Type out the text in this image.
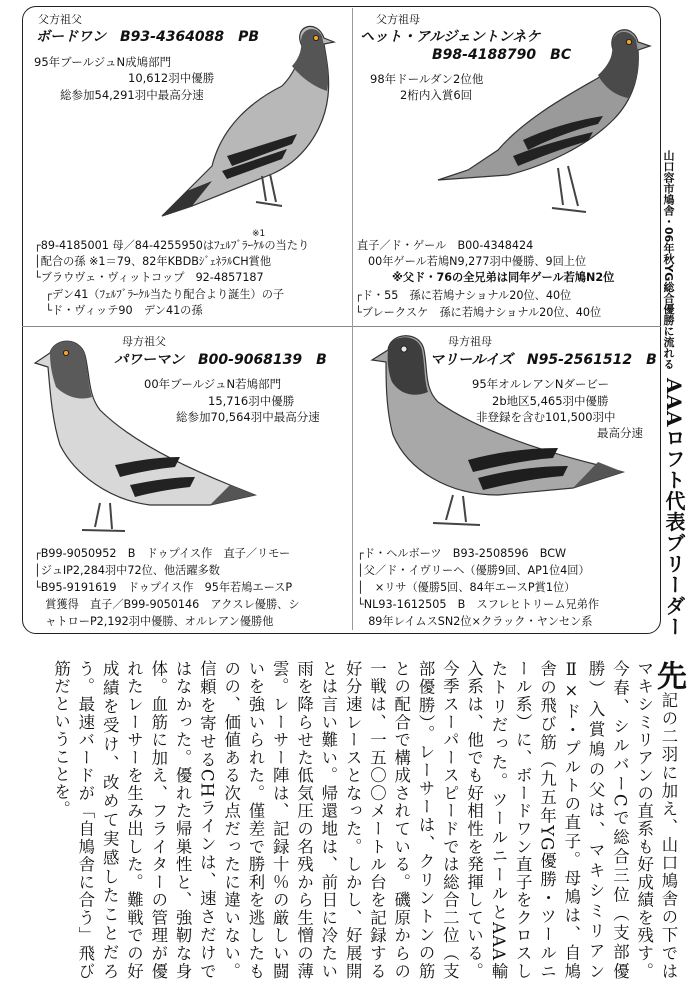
父方祖父
ボードワン　B93-4364088　PB
95年ブールジュN成鳩部門
10,612羽中優勝
総参加54,291羽中最高分速
※1
┌89-4185001 母／84-4255950はﾌｪﾙﾌﾞﾗｰｹﾙの当たり
│配合の孫 ※1＝79、82年KBDBｼﾞｪﾈﾗﾙCH賞他
└ブラウヴェ・ヴィットコップ　92-4857187
　┌デン41（ﾌｪﾙﾌﾞﾗｰｹﾙ当たり配合より誕生）の子
　└ド・ヴィッテ90　デン41の孫
父方祖母
ヘット・アルジェントンネケ
B98-4188790　BC
98年ドールダン2位他
2桁内入賞6回
直子／ド・ゲール　B00-4348424
00年ゲール若鳩N9,277羽中優勝、9回上位
※父ド・76の全兄弟は同年ゲール若鳩N2位
┌ド・55　孫に若鳩ナショナル20位、40位
└ブレークスケ　孫に若鳩ナショナル20位、40位
母方祖父
パワーマン　B00-9068139　B
00年ブールジュN若鳩部門
15,716羽中優勝
総参加70,564羽中最高分速
┌B99-9050952　B　ドゥプイス作　直子／リモー
│ジュIP2,284羽中72位、他活躍多数
└B95-9191619　ドゥプイス作　95年若鳩エースP
　賞獲得　直子／B99-9050146　アクスレ優勝、シ
　ャトローP2,192羽中優勝、オルレアン優勝他
母方祖母
マリールイズ　N95-2561512　B
95年オルレアンNダービー
2b地区5,465羽中優勝
非登録を含む101,500羽中
最高分速
┌ド・ヘルボーツ　B93-2508596　BCW
│父／ド・イヴリーヘ（優勝9回、AP1位4回）
│　×リサ（優勝5回、84年エースP賞1位）
└NL93-1612505　B　スフレヒトリーム兄弟作
　89年レイムスSN2位×クラック・ヤンセン系
山口容市鳩舎・06年秋YG総合優勝に流れる
AAAロフト代表ブリーダー
先記の二羽に加え、山口鳩舎の下ではマキシミリアンの直系も好成績を残す。今春、シルバーCで総合三位（支部優勝）入賞鳩の父は、マキシミリアンⅡ×ド・プルトの直子。母鳩は、自鳩舎の飛び筋（九五年YG優勝・ツールニール系）に、ボードワン直子をクロスしたトリだった。ツールニールとAAA輸入系は、他でも好相性を発揮している。今季スーパースピードでは総合二位（支部優勝）。レーサーは、クリントンの筋との配合で構成されている。磯原からの一戦は、一五〇〇メートル台を記録する好分速レースとなった。しかし、好展開とは言い難い。帰還地は、前日に冷たい雨を降らせた低気圧の名残から生憎の薄雲。レーサー陣は、記録十％の厳しい闘いを強いられた。僅差で勝利を逃したものの、価値ある次点だったに違いない。信頼を寄せるCHラインは、速さだけではなかった。優れた帰巣性と、強靭な身体。血筋に加え、フライターの管理が優れたレーサーを生み出した。難戦での好成績を受け、改めて実感したことだろう。最速バードが「自鳩舎に合う」飛び筋だということを。
